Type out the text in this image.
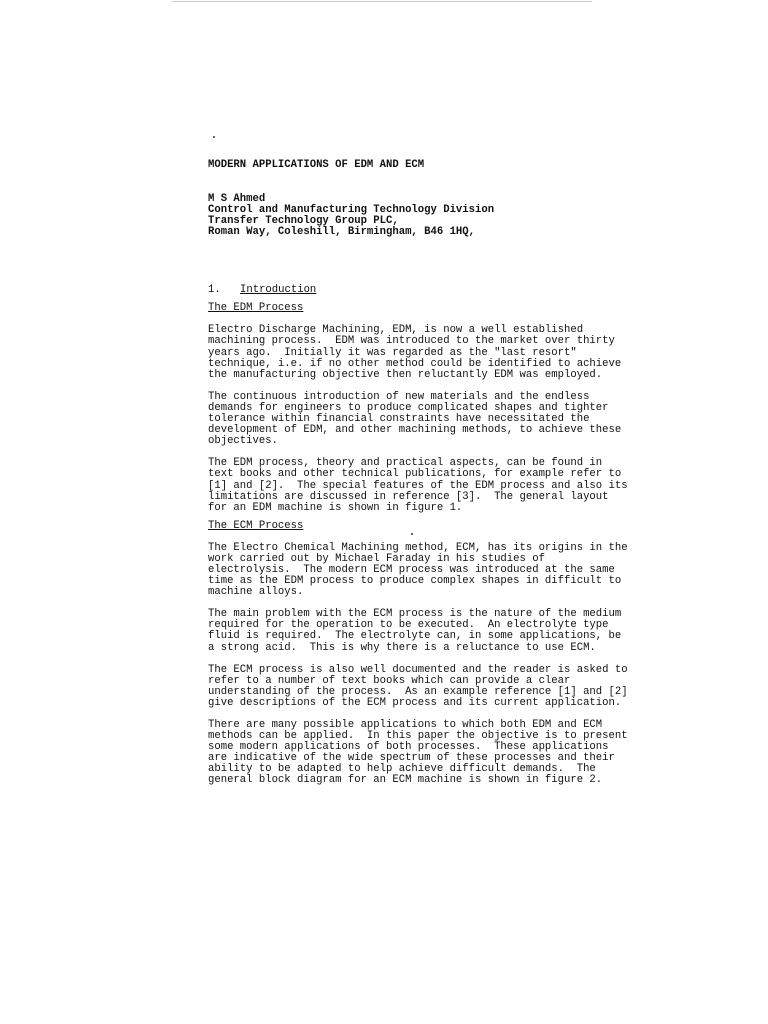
MODERN APPLICATIONS OF EDM AND ECM
M S Ahmed
Control and Manufacturing Technology Division
Transfer Technology Group PLC,
Roman Way, Coleshill, Birmingham, B46 1HQ,
1. Introduction
The EDM Process
Electro Discharge Machining, EDM, is now a well established
machining process.  EDM was introduced to the market over thirty
years ago.  Initially it was regarded as the "last resort"
technique, i.e. if no other method could be identified to achieve
the manufacturing objective then reluctantly EDM was employed.
The continuous introduction of new materials and the endless
demands for engineers to produce complicated shapes and tighter
tolerance within financial constraints have necessitated the
development of EDM, and other machining methods, to achieve these
objectives.
The EDM process, theory and practical aspects, can be found in
text books and other technical publications, for example refer to
[1] and [2].  The special features of the EDM process and also its
limitations are discussed in reference [3].  The general layout
for an EDM machine is shown in figure 1.
The ECM Process
The Electro Chemical Machining method, ECM, has its origins in the
work carried out by Michael Faraday in his studies of
electrolysis.  The modern ECM process was introduced at the same
time as the EDM process to produce complex shapes in difficult to
machine alloys.
The main problem with the ECM process is the nature of the medium
required for the operation to be executed.  An electrolyte type
fluid is required.  The electrolyte can, in some applications, be
a strong acid.  This is why there is a reluctance to use ECM.
The ECM process is also well documented and the reader is asked to
refer to a number of text books which can provide a clear
understanding of the process.  As an example reference [1] and [2]
give descriptions of the ECM process and its current application.
There are many possible applications to which both EDM and ECM
methods can be applied.  In this paper the objective is to present
some modern applications of both processes.  These applications
are indicative of the wide spectrum of these processes and their
ability to be adapted to help achieve difficult demands.  The
general block diagram for an ECM machine is shown in figure 2.
